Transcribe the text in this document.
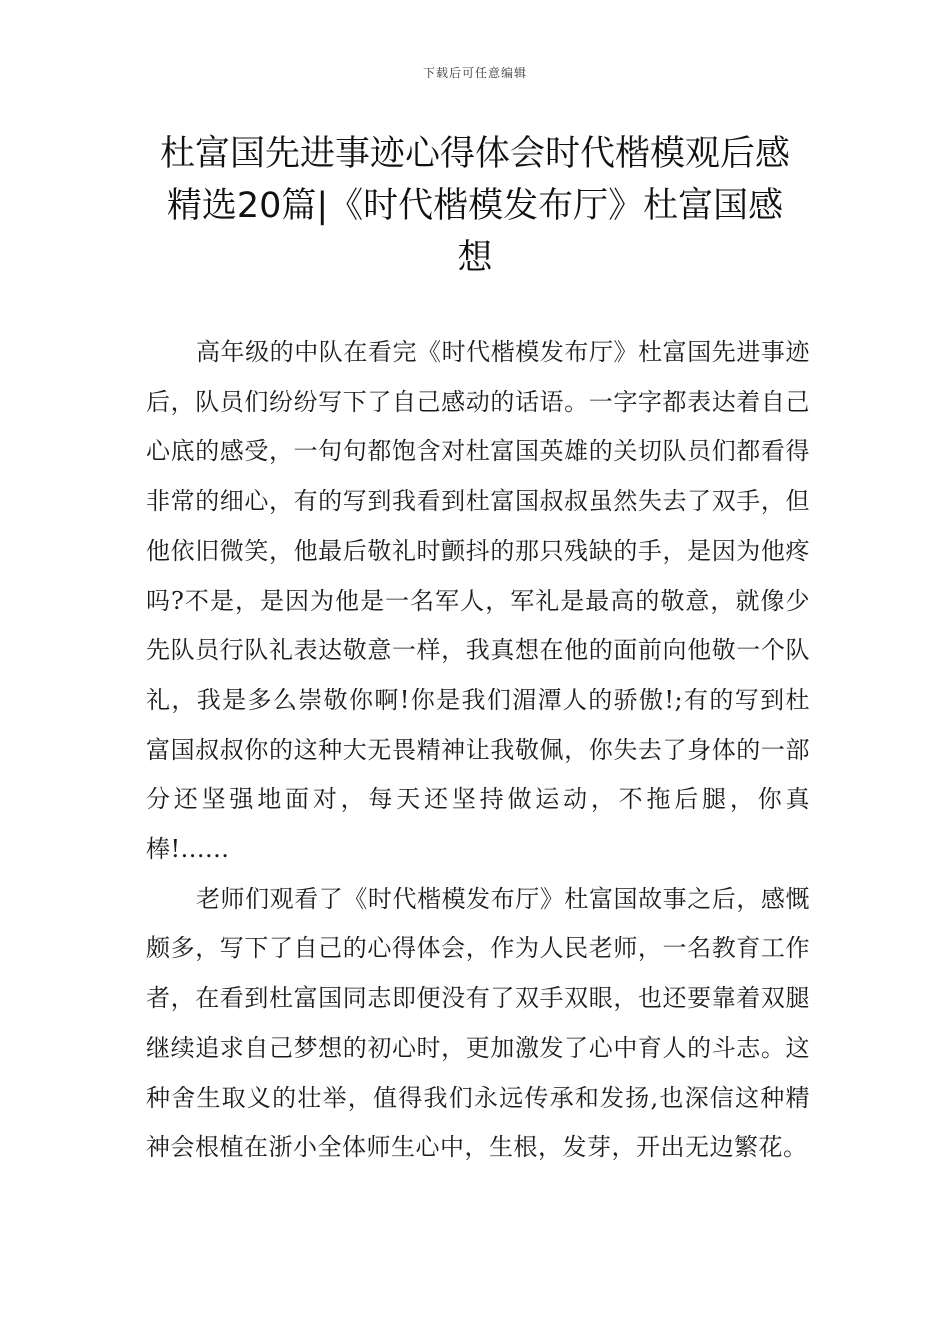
下载后可任意编辑
杜富国先进事迹心得体会时代楷模观后感精选20篇|《时代楷模发布厅》杜富国感想

高年级的中队在看完《时代楷模发布厅》杜富国先进事迹后，队员们纷纷写下了自己感动的话语。一字字都表达着自己心底的感受，一句句都饱含对杜富国英雄的关切队员们都看得非常的细心，有的写到我看到杜富国叔叔虽然失去了双手，但他依旧微笑，他最后敬礼时颤抖的那只残缺的手，是因为他疼吗?不是，是因为他是一名军人，军礼是最高的敬意，就像少先队员行队礼表达敬意一样，我真想在他的面前向他敬一个队礼，我是多么崇敬你啊!你是我们湄潭人的骄傲!;有的写到杜富国叔叔你的这种大无畏精神让我敬佩，你失去了身体的一部分还坚强地面对，每天还坚持做运动，不拖后腿，你真棒!......

老师们观看了《时代楷模发布厅》杜富国故事之后，感慨颇多，写下了自己的心得体会，作为人民老师，一名教育工作者，在看到杜富国同志即便没有了双手双眼，也还要靠着双腿继续追求自己梦想的初心时，更加激发了心中育人的斗志。这种舍生取义的壮举，值得我们永远传承和发扬,也深信这种精神会根植在浙小全体师生心中，生根，发芽，开出无边繁花。
